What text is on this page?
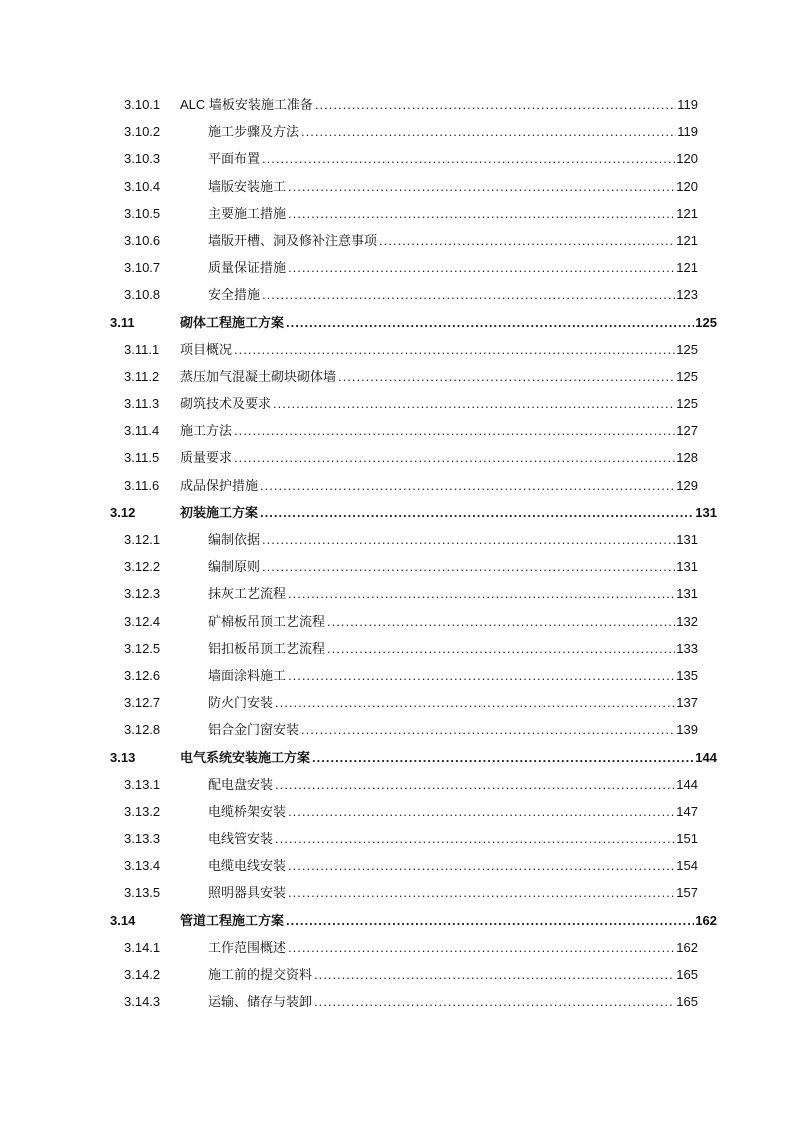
3.10.1 ALC 墙板安装施工准备 .....	119
3.10.2	施工步骤及方法 .....	119
3.10.3	平面布置 .....	120
3.10.4	墙版安装施工 .....	120
3.10.5	主要施工措施 .....	121
3.10.6	墙版开槽、洞及修补注意事项 .....	121
3.10.7	质量保证措施 .....	121
3.10.8	安全措施 .....	123
3.11	砌体工程施工方案 .....	125
3.11.1 项目概况 .....	125
3.11.2 蒸压加气混凝土砌块砌体墙 .....	125
3.11.3 砌筑技术及要求 .....	125
3.11.4 施工方法 .....	127
3.11.5 质量要求 .....	128
3.11.6 成品保护措施 .....	129
3.12	初装施工方案 .....	131
3.12.1	编制依据 .....	131
3.12.2	编制原则 .....	131
3.12.3	抹灰工艺流程 .....	131
3.12.4	矿棉板吊顶工艺流程 .....	132
3.12.5	铝扣板吊顶工艺流程 .....	133
3.12.6	墙面涂料施工 .....	135
3.12.7	防火门安装 .....	137
3.12.8	铝合金门窗安装 .....	139
3.13	电气系统安装施工方案 .....	144
3.13.1	配电盘安装 .....	144
3.13.2	电缆桥架安装 .....	147
3.13.3	电线管安装 .....	151
3.13.4	电缆电线安装 .....	154
3.13.5	照明器具安装 .....	157
3.14	管道工程施工方案 .....	162
3.14.1	工作范围概述 .....	162
3.14.2	施工前的提交资料 .....	165
3.14.3	运输、储存与装卸 .....	165
